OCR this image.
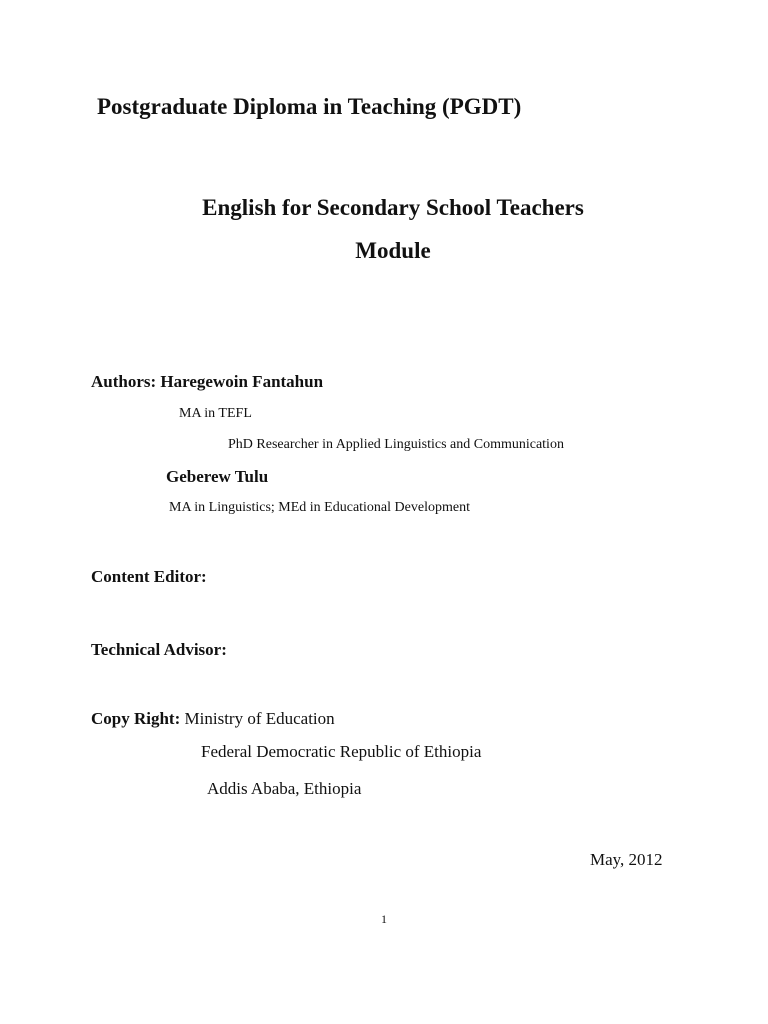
Postgraduate Diploma in Teaching (PGDT)
English for Secondary School Teachers
Module
Authors: Haregewoin Fantahun
MA in TEFL
PhD Researcher in Applied Linguistics and Communication
Geberew Tulu
MA in Linguistics; MEd in Educational Development
Content Editor:
Technical Advisor:
Copy Right: Ministry of Education
Federal Democratic Republic of Ethiopia
Addis Ababa, Ethiopia
May, 2012
1
